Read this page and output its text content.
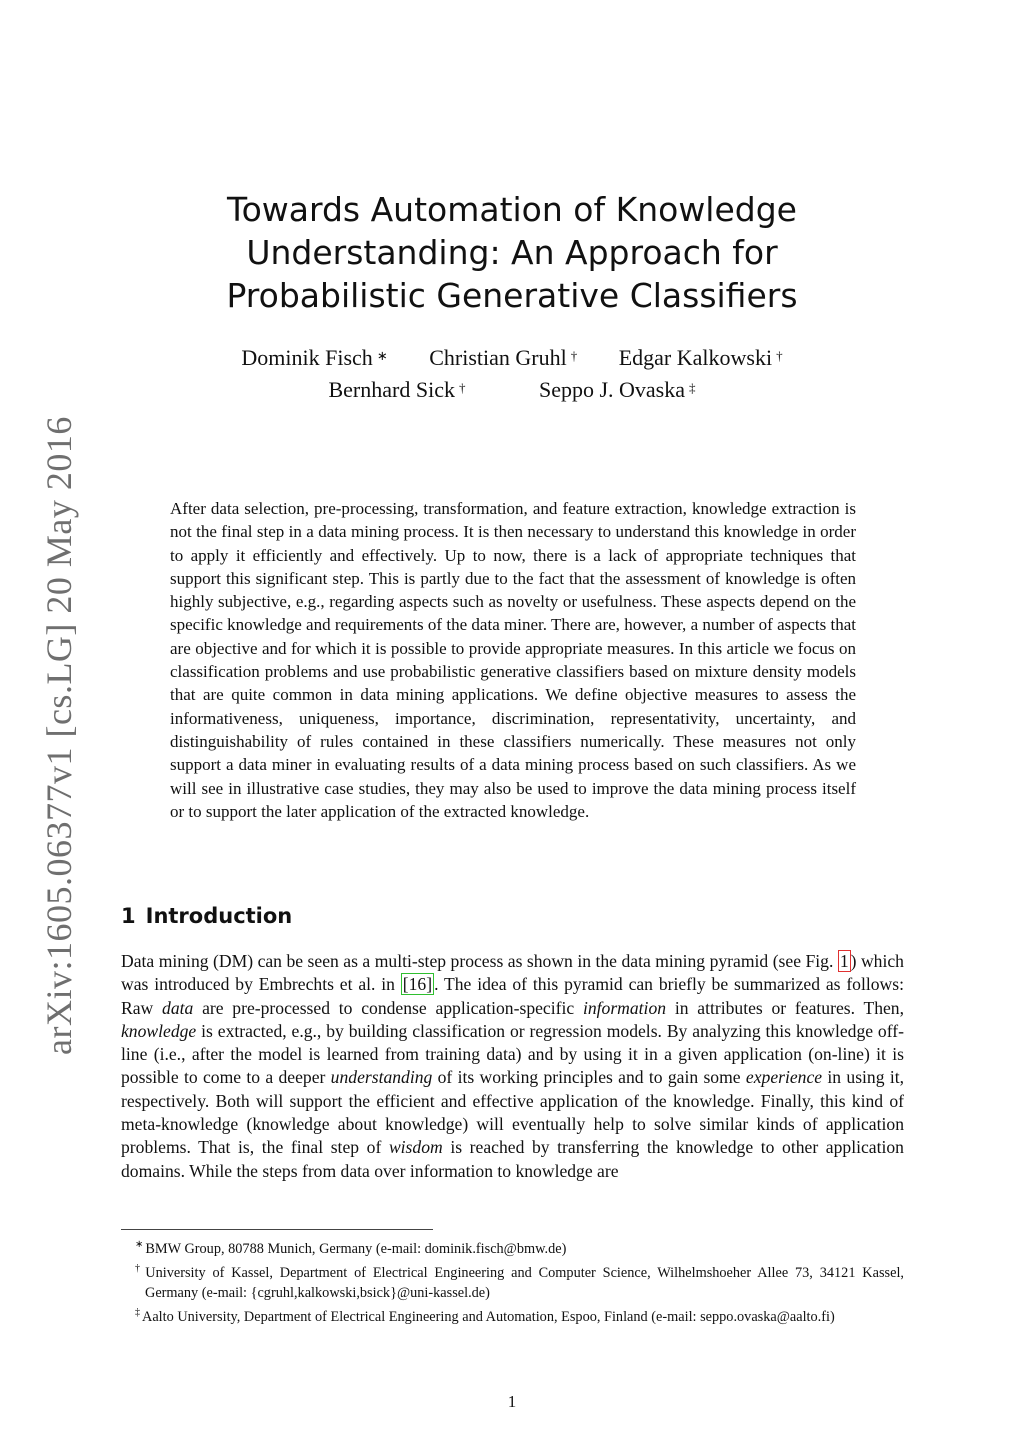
arXiv:1605.06377v1 [cs.LG] 20 May 2016
Towards Automation of Knowledge
Understanding: An Approach for
Probabilistic Generative Classifiers
Dominik Fisch ∗ Christian Gruhl † Edgar Kalkowski †
Bernhard Sick †	Seppo J. Ovaska ‡
After data selection, pre-processing, transformation, and feature extraction, knowledge extraction is not the final step in a data mining process. It is then necessary to understand this knowledge in order to apply it efficiently and effectively. Up to now, there is a lack of appropriate techniques that support this significant step. This is partly due to the fact that the assessment of knowledge is often highly subjective, e.g., regarding aspects such as novelty or usefulness. These aspects depend on the specific knowledge and requirements of the data miner. There are, however, a number of aspects that are objective and for which it is possible to provide appropriate measures. In this article we focus on classification problems and use probabilistic generative classifiers based on mixture density models that are quite common in data mining applications. We define objective measures to assess the informativeness, uniqueness, importance, discrimination, representativity, uncertainty, and distinguishability of rules contained in these classifiers numerically. These measures not only support a data miner in evaluating results of a data mining process based on such classifiers. As we will see in illustrative case studies, they may also be used to improve the data mining process itself or to support the later application of the extracted knowledge.
1 Introduction
Data mining (DM) can be seen as a multi-step process as shown in the data mining pyramid (see Fig. 1 ) which was introduced by Embrechts et al. in [16] . The idea of this pyramid can briefly be summarized as follows: Raw data are pre-processed to condense application-specific information in attributes or features. Then, knowledge is extracted, e.g., by building classification or regression models. By analyzing this knowledge off-line (i.e., after the model is learned from training data) and by using it in a given application (on-line) it is possible to come to a deeper understanding of its working principles and to gain some experience in using it, respectively. Both will support the efficient and effective application of the knowledge. Finally, this kind of meta-knowledge (knowledge about knowledge) will eventually help to solve similar kinds of application problems. That is, the final step of wisdom is reached by transferring the knowledge to other application domains. While the steps from data over information to knowledge are
∗ BMW Group, 80788 Munich, Germany (e-mail: dominik.fisch@bmw.de)
† University of Kassel, Department of Electrical Engineering and Computer Science, Wilhelmshoeher Allee 73, 34121 Kassel, Germany (e-mail: {cgruhl,kalkowski,bsick}@uni-kassel.de)
‡ Aalto University, Department of Electrical Engineering and Automation, Espoo, Finland (e-mail: seppo.ovaska@aalto.fi)
1
